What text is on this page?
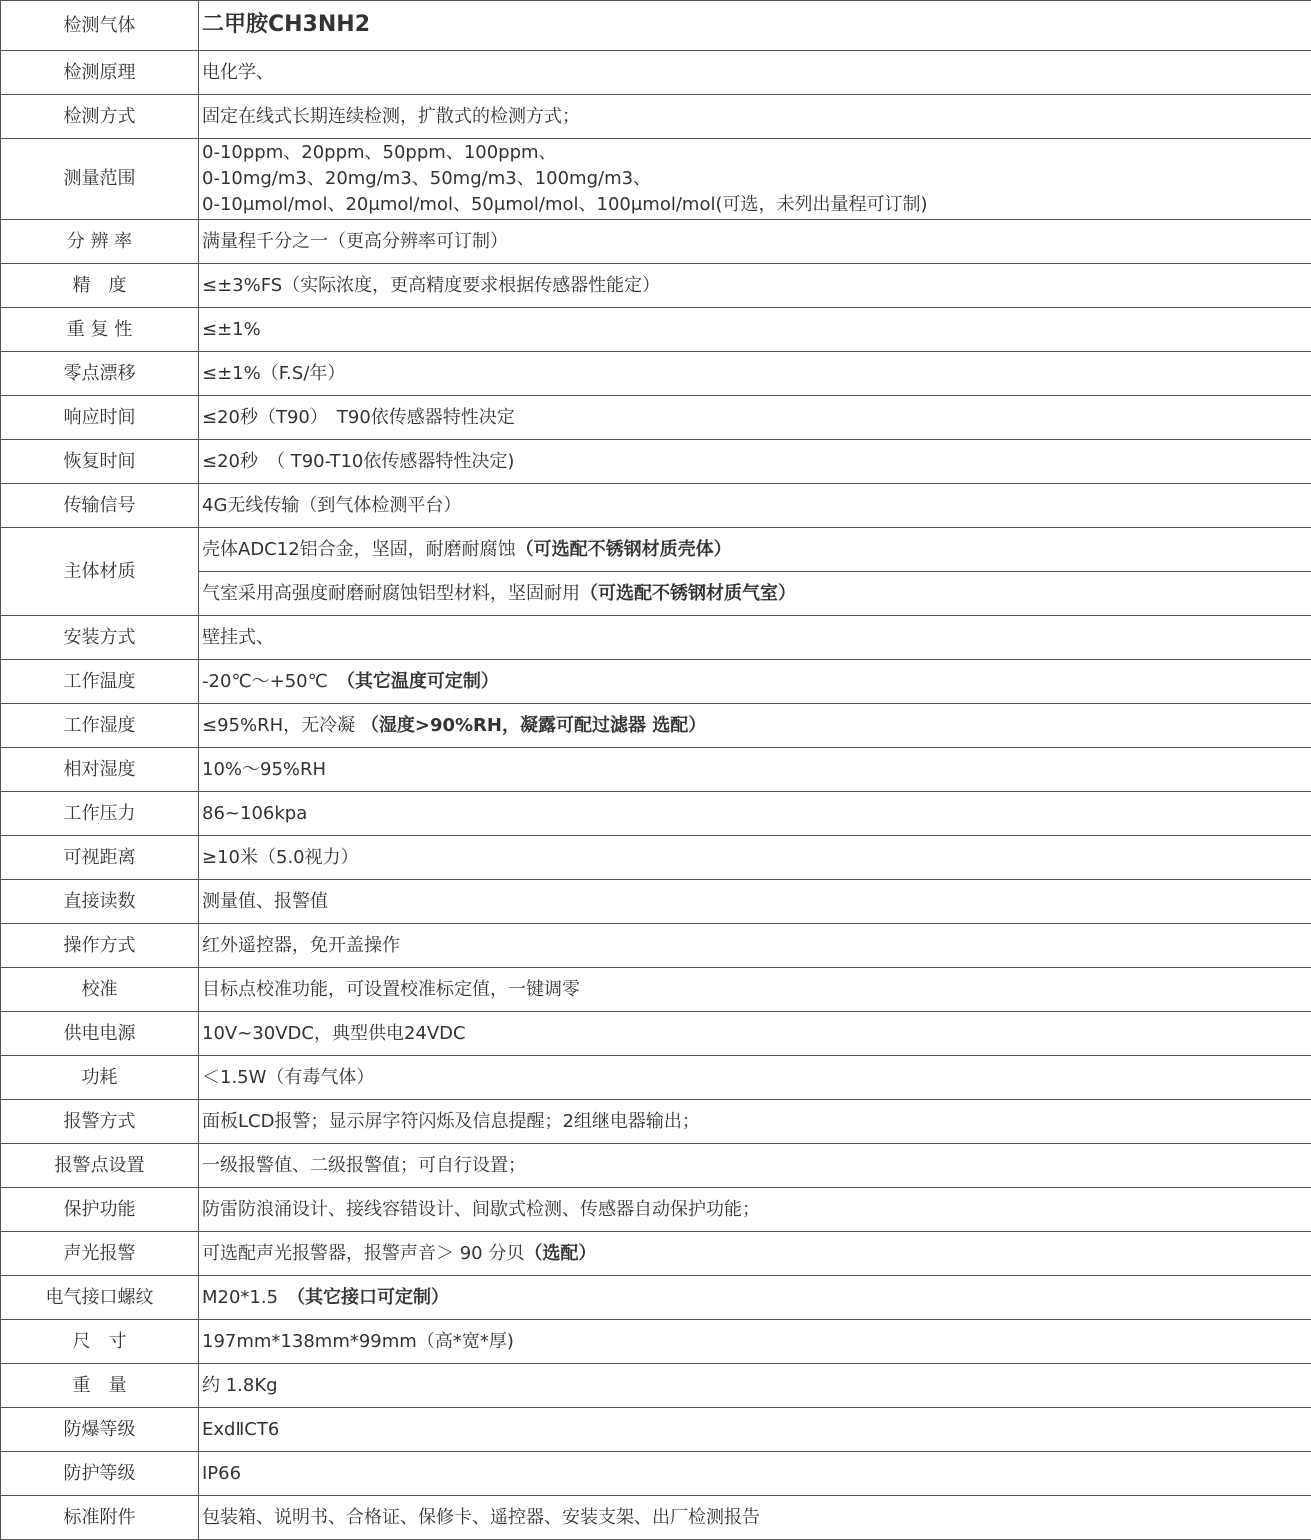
检测气体	二甲胺CH3NH2
检测原理	电化学、
检测方式	固定在线式长期连续检测，扩散式的检测方式；
测量范围	0-10ppm、20ppm、50ppm、100ppm、
0-10mg/m3、20mg/m3、50mg/m3、100mg/m3、
0-10μmol/mol、20μmol/mol、50μmol/mol、100μmol/mol(可选，未列出量程可订制)

分 辨 率	满量程千分之一（更高分辨率可订制）
精　度	≤±3%FS（实际浓度，更高精度要求根据传感器性能定）
重 复 性	≤±1%
零点漂移	≤±1%（F.S/年）
响应时间	≤20秒（T90）　T90依传感器特性决定
恢复时间	≤20秒　（ T90-T10依传感器特性决定)
传输信号	4G无线传输（到气体检测平台）
主体材质	壳体ADC12铝合金，坚固，耐磨耐腐蚀（可选配不锈钢材质壳体）
	气室采用高强度耐磨耐腐蚀铝型材料，坚固耐用（可选配不锈钢材质气室）
安装方式	壁挂式、
工作温度	-20℃～+50℃　（其它温度可定制）
工作湿度	≤95%RH，无冷凝 （湿度>90%RH，凝露可配过滤器 选配）
相对湿度	10%～95%RH
工作压力	86~106kpa
可视距离	≥10米（5.0视力）
直接读数	测量值、报警值
操作方式	红外遥控器，免开盖操作
校准	目标点校准功能，可设置校准标定值，一键调零
供电电源	10V~30VDC，典型供电24VDC
功耗	＜1.5W（有毒气体）
报警方式	面板LCD报警；显示屏字符闪烁及信息提醒；2组继电器输出；
报警点设置	一级报警值、二级报警值；可自行设置；
保护功能	防雷防浪涌设计、接线容错设计、间歇式检测、传感器自动保护功能；
声光报警	可选配声光报警器，报警声音＞ 90 分贝（选配）
电气接口螺纹	M20*1.5　（其它接口可定制）
尺　寸	197mm*138mm*99mm（高*宽*厚)
重　量	约 1.8Kg
防爆等级	ExdⅡCT6
防护等级	IP66
标准附件	包装箱、说明书、合格证、保修卡、遥控器、安装支架、出厂检测报告
